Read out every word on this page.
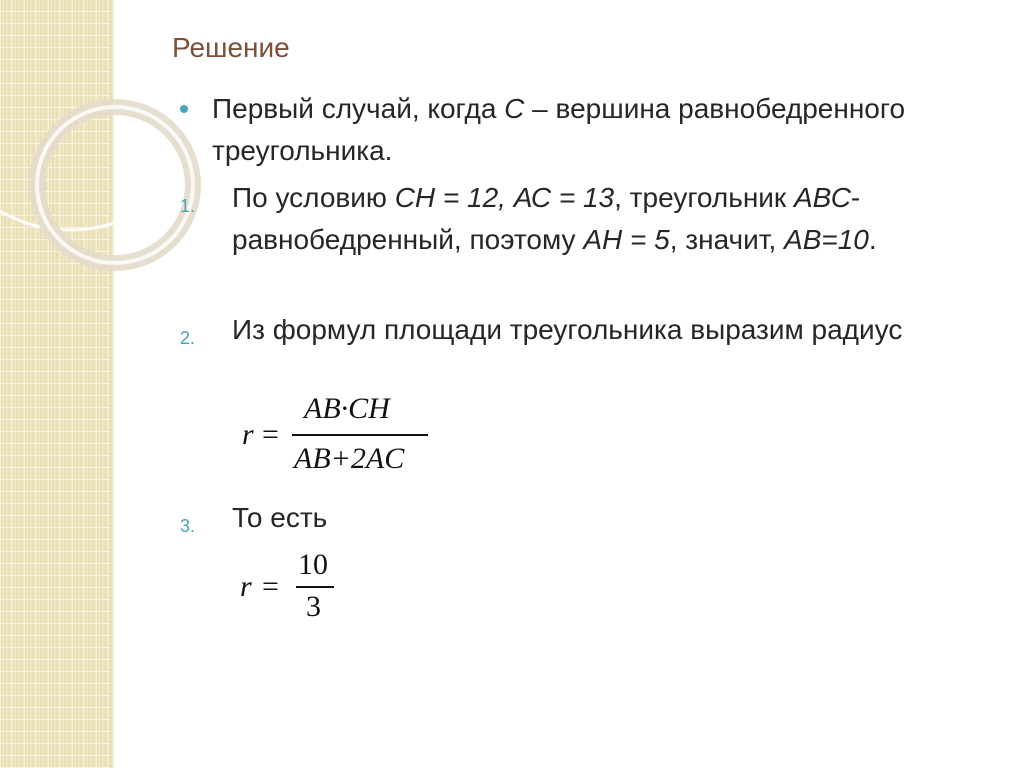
Решение
Первый случай, когда С – вершина равнобедренного треугольника.
1. По условию СН = 12, АС = 13, треугольник АВС- равнобедренный, поэтому АН = 5, значит, АВ=10.
2. Из формул площади треугольника выразим радиус
r =
AB·CH
AB+2AC
3. То есть
r =
10
3
